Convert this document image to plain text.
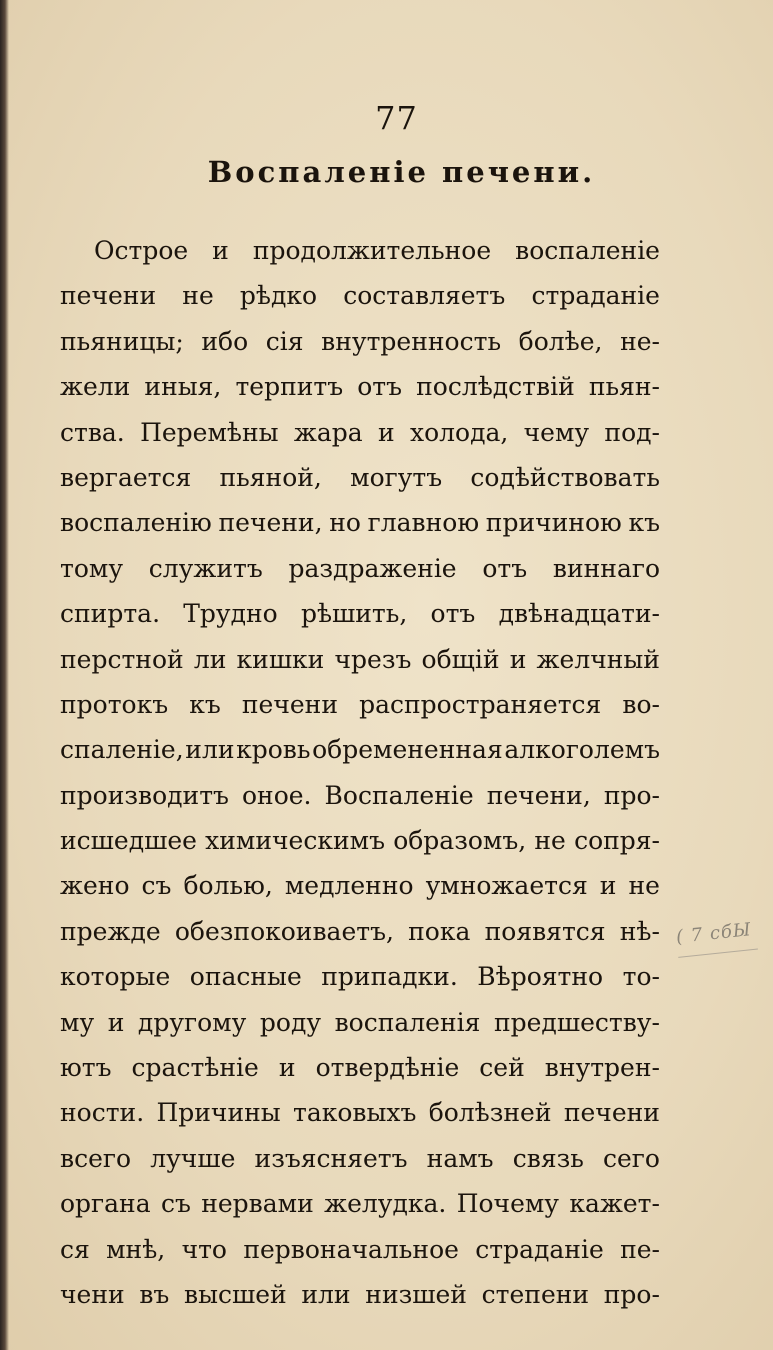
77
Воспаленіе печени.
Острое и продолжительное воспаленіе
печени не рѣдко составляетъ страданіе
пьяницы; ибо сія внутренность болѣе, не-
жели иныя, терпитъ отъ послѣдствій пьян-
ства. Перемѣны жара и холода, чему под-
вергается пьяной, могутъ содѣйствовать
воспаленію печени, но главною причиною къ
тому служитъ раздраженіе отъ виннаго
спирта. Трудно рѣшить, отъ двѣнадцати-
перстной ли кишки чрезъ общій и желчный
протокъ къ печени распространяется во-
спаленіе, или кровь обремененная алкоголемъ
производитъ оное. Воспаленіе печени, про-
исшедшее химическимъ образомъ, не сопря-
жено съ болью, медленно умножается и не
прежде обезпокоиваетъ, пока появятся нѣ-
которые опасные припадки. Вѣроятно то-
му и другому роду воспаленія предшеству-
ютъ срастѣніе и отвердѣніе сей внутрен-
ности. Причины таковыхъ болѣзней печени
всего лучше изъясняетъ намъ связь сего
органа съ нервами желудка. Почему кажет-
ся мнѣ, что первоначальное страданіе пе-
чени въ высшей или низшей степени про-
( 7 сбЫ
